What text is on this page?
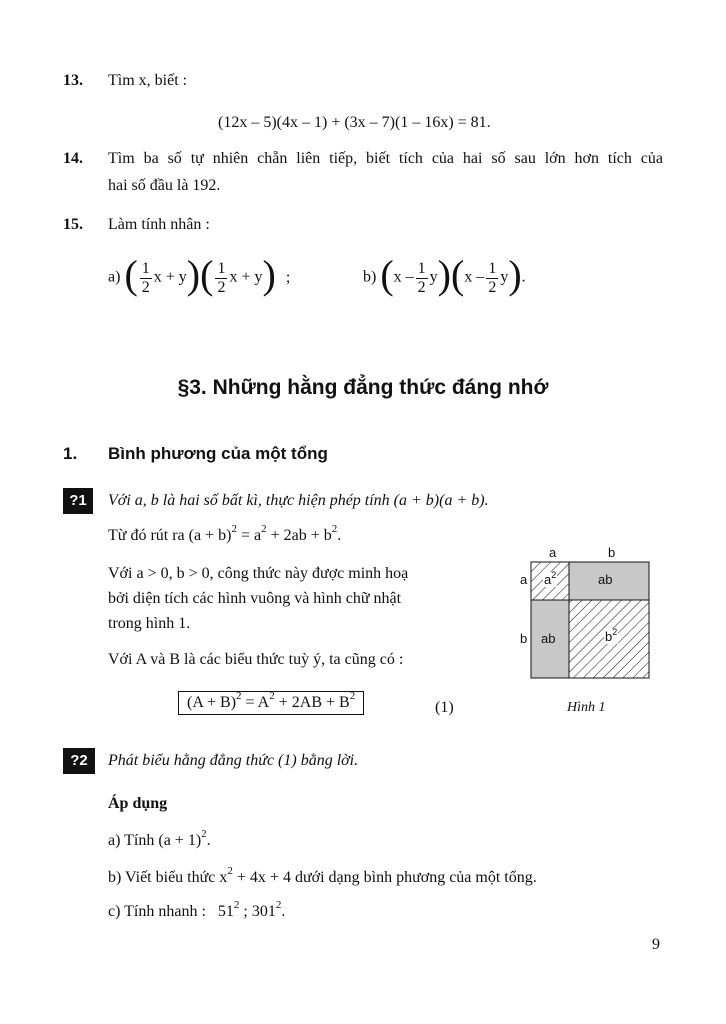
13. Tìm x, biết :
(12x – 5)(4x – 1) + (3x – 7)(1 – 16x) = 81.
14. Tìm ba số tự nhiên chẵn liên tiếp, biết tích của hai số sau lớn hơn tích của
hai số đầu là 192.
15. Làm tính nhân :
a) ( $\frac{1}{2}$ $x + y)( \frac{1}{2}$ x + y) ;	b) $(x - \frac{1}{2} y)(x - \frac{1}{2} y)$.
§3. Những hằng đẳng thức đáng nhớ
1. Bình phương của một tổng
?1	Với a, b là hai số bất kì, thực hiện phép tính (a + b)(a + b).
Từ đó rút ra $(a + b)^2 = a^2 + 2ab + b^2$.
Với a > 0, b > 0, công thức này được minh hoạ
bởi diện tích các hình vuông và hình chữ nhật
trong hình 1.
Với A và B là các biểu thức tuỳ ý, ta cũng có :
$(A + B)^2 = A^2 + 2AB + B^2$
(1)
a	b
a
b
$a^2$	ab
ab	$b^2$
Hình 1
?2	Phát biểu hằng đẳng thức (1) bằng lời.
Áp dụng
a) Tính $(a + 1)^2$.
b) Viết biểu thức $x^2 + 4x + 4$ dưới dạng bình phương của một tổng.
c) Tính nhanh :   $51^2$ ; $301^2$.
9
